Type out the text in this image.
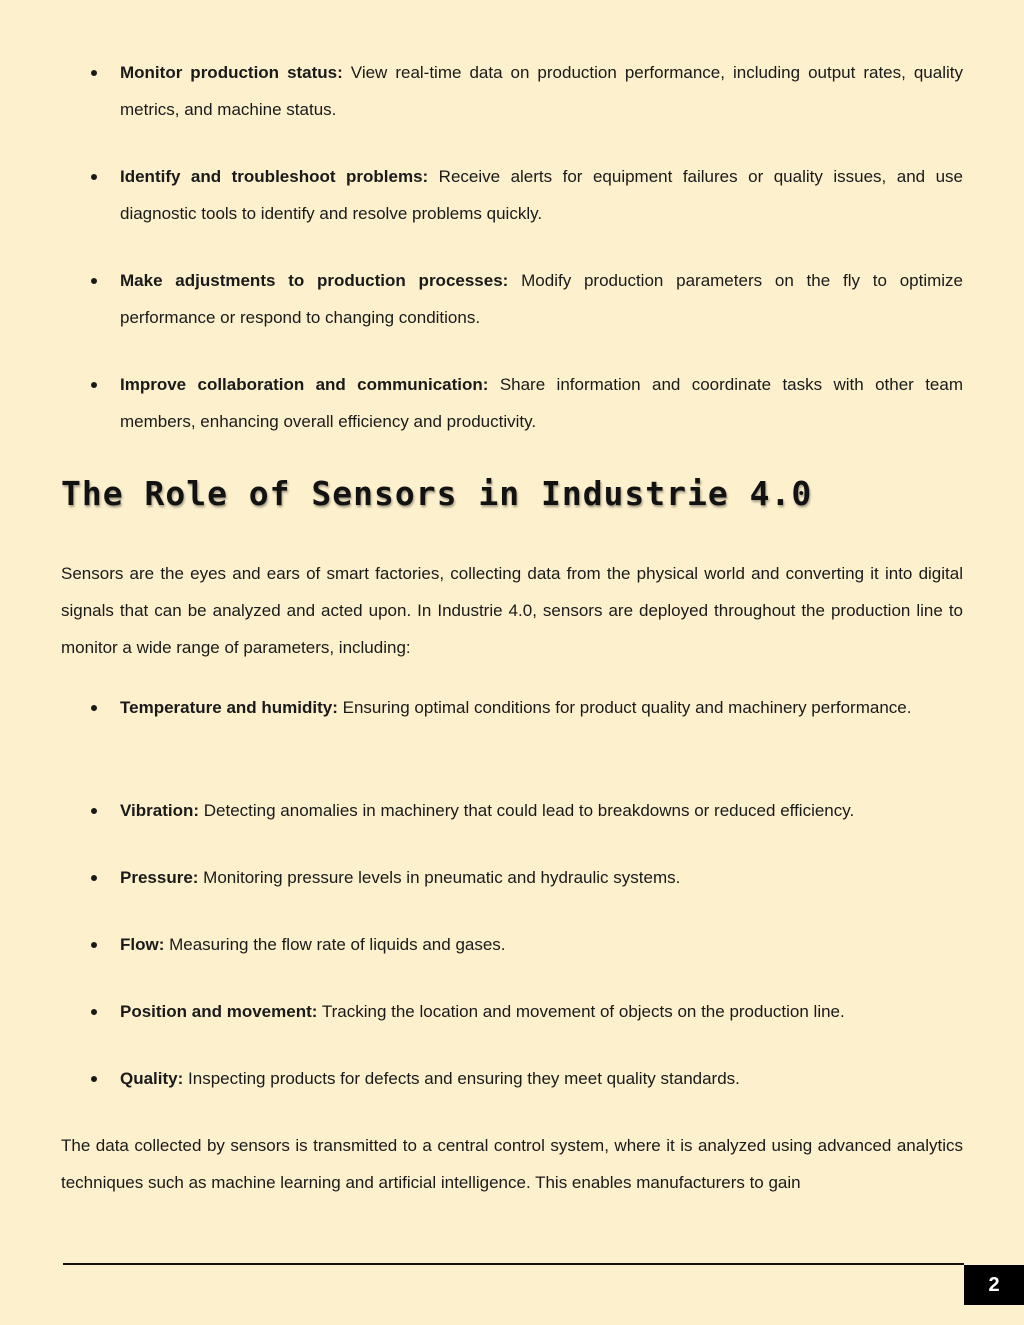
Monitor production status: View real-time data on production performance, including output rates, quality metrics, and machine status.
Identify and troubleshoot problems: Receive alerts for equipment failures or quality issues, and use diagnostic tools to identify and resolve problems quickly.
Make adjustments to production processes: Modify production parameters on the fly to optimize performance or respond to changing conditions.
Improve collaboration and communication: Share information and coordinate tasks with other team members, enhancing overall efficiency and productivity.
The Role of Sensors in Industrie 4.0

Sensors are the eyes and ears of smart factories, collecting data from the physical world and converting it into digital signals that can be analyzed and acted upon. In Industrie 4.0, sensors are deployed throughout the production line to monitor a wide range of parameters, including:

Temperature and humidity: Ensuring optimal conditions for product quality and machinery performance.
Vibration: Detecting anomalies in machinery that could lead to breakdowns or reduced efficiency.
Pressure: Monitoring pressure levels in pneumatic and hydraulic systems.
Flow: Measuring the flow rate of liquids and gases.
Position and movement: Tracking the location and movement of objects on the production line.
Quality: Inspecting products for defects and ensuring they meet quality standards.

The data collected by sensors is transmitted to a central control system, where it is analyzed using advanced analytics techniques such as machine learning and artificial intelligence. This enables manufacturers to gain

2
